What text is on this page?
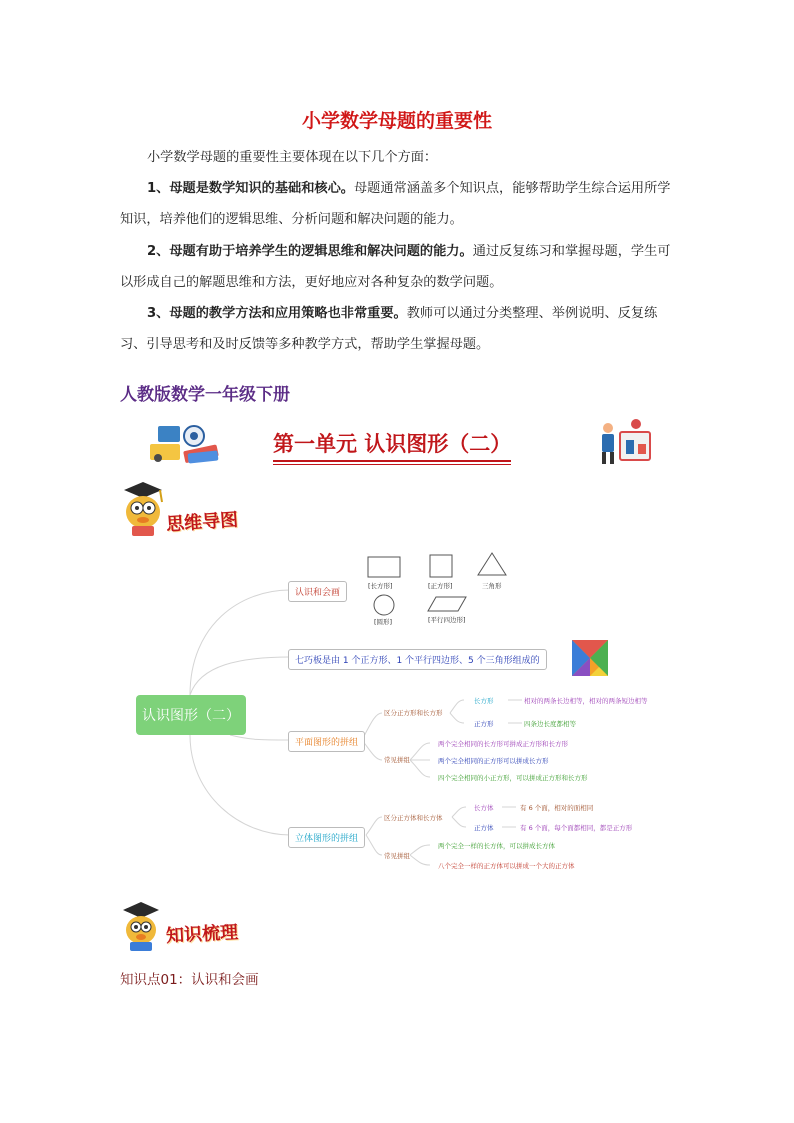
小学数学母题的重要性
小学数学母题的重要性主要体现在以下几个方面：
1、母题是数学知识的基础和核心。母题通常涵盖多个知识点，能够帮助学生综合运用所学知识，培养他们的逻辑思维、分析问题和解决问题的能力。
2、母题有助于培养学生的逻辑思维和解决问题的能力。通过反复练习和掌握母题，学生可以形成自己的解题思维和方法，更好地应对各种复杂的数学问题。
3、母题的教学方法和应用策略也非常重要。教师可以通过分类整理、举例说明、反复练习、引导思考和及时反馈等多种教学方式，帮助学生掌握母题。
人教版数学一年级下册
第一单元 认识图形（二）
思维导图
认识图形（二）
认识和会画
[长方形]	[正方形]	三角形
[圆形]	[平行四边形]
七巧板是由 1 个正方形、1 个平行四边形、5 个三角形组成的
平面图形的拼组
区分正方形和长方形
长方形	相对的两条长边相等，相对的两条短边相等
正方形	四条边长度都相等
常见拼组
两个完全相同的长方形可拼成正方形和长方形
两个完全相同的正方形可以拼成长方形
四个完全相同的小正方形，可以拼成正方形和长方形
立体图形的拼组
区分正方体和长方体
长方体	有 6 个面，相对的面相同
正方体	有 6 个面，每个面都相同，都是正方形
常见拼组
两个完全一样的长方体，可以拼成长方体
八个完全一样的正方体可以拼成一个大的正方体
知识梳理
知识点01：认识和会画
